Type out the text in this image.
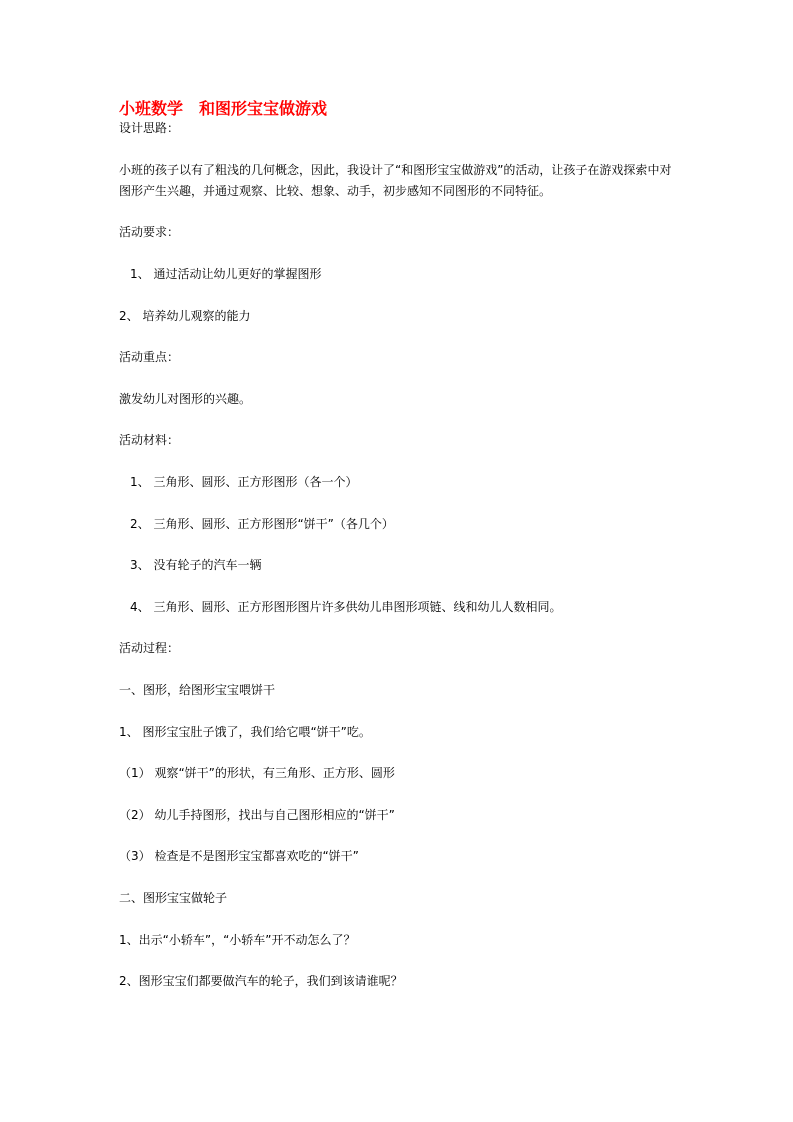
小班数学　和图形宝宝做游戏
设计思路：
小班的孩子以有了粗浅的几何概念，因此，我设计了“和图形宝宝做游戏”的活动，让孩子在游戏探索中对
图形产生兴趣，并通过观察、比较、想象、动手，初步感知不同图形的不同特征。
活动要求：
1、 通过活动让幼儿更好的掌握图形
2、 培养幼儿观察的能力
活动重点：
激发幼儿对图形的兴趣。
活动材料：
1、 三角形、圆形、正方形图形（各一个）
2、 三角形、圆形、正方形图形“饼干”（各几个）
3、 没有轮子的汽车一辆
4、 三角形、圆形、正方形图形图片许多供幼儿串图形项链、线和幼儿人数相同。
活动过程：
一、图形，给图形宝宝喂饼干
1、 图形宝宝肚子饿了，我们给它喂“饼干”吃。
（1） 观察“饼干”的形状，有三角形、正方形、圆形
（2） 幼儿手持图形，找出与自己图形相应的“饼干”
（3） 检查是不是图形宝宝都喜欢吃的“饼干”
二、图形宝宝做轮子
1、出示“小轿车”，“小轿车”开不动怎么了？
2、图形宝宝们都要做汽车的轮子，我们到该请谁呢？
